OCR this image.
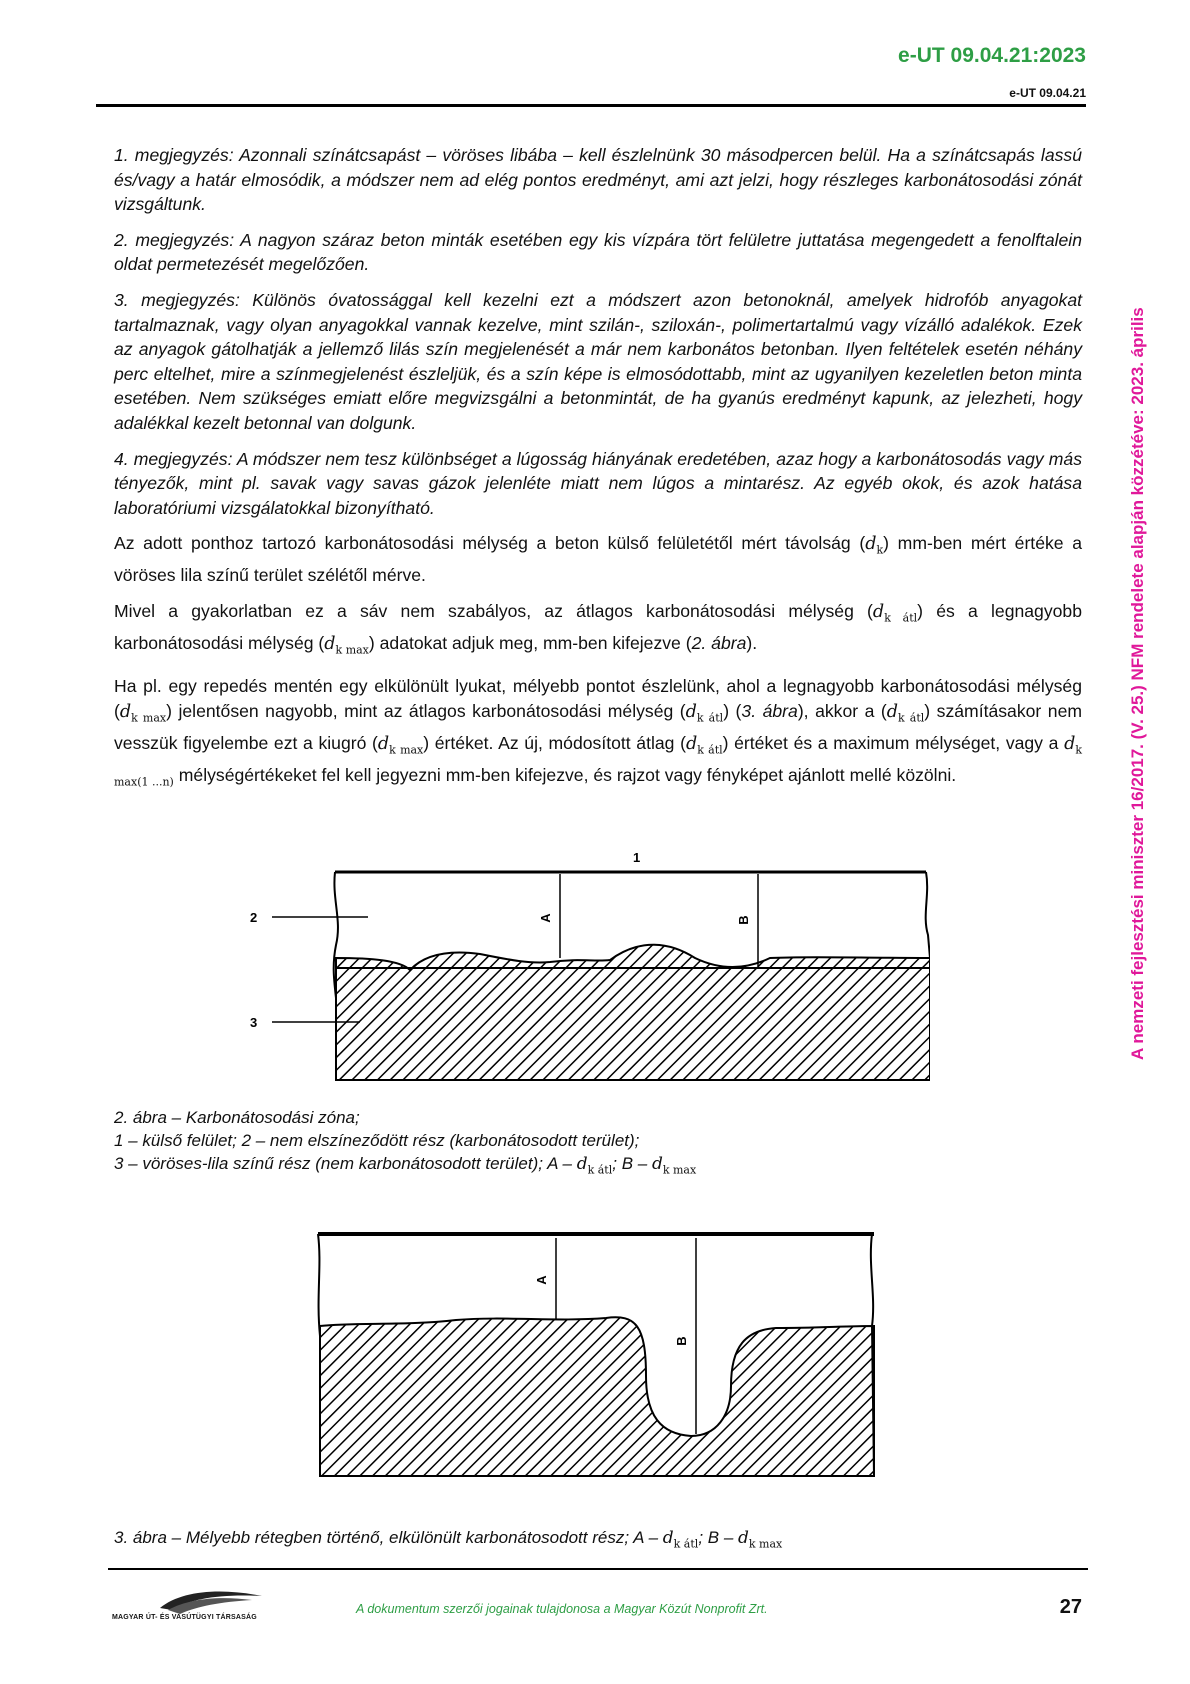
e-UT 09.04.21:2023
e-UT 09.04.21
A nemzeti fejlesztési miniszter 16/2017. (V. 25.) NFM rendelete alapján közzétéve: 2023. április

1. megjegyzés: Azonnali színátcsapást – vöröses libába – kell észlelnünk 30 másodpercen belül. Ha a színátcsapás lassú és/vagy a határ elmosódik, a módszer nem ad elég pontos eredményt, ami azt jelzi, hogy részleges karbonátosodási zónát vizsgáltunk.

2. megjegyzés: A nagyon száraz beton minták esetében egy kis vízpára tört felületre juttatása megengedett a fenolftalein oldat permetezését megelőzően.

3. megjegyzés: Különös óvatossággal kell kezelni ezt a módszert azon betonoknál, amelyek hidrofób anyagokat tartalmaznak, vagy olyan anyagokkal vannak kezelve, mint szilán-, sziloxán-, polimertartalmú vagy vízálló adalékok. Ezek az anyagok gátolhatják a jellemző lilás szín megjelenését a már nem karbonátos betonban. Ilyen feltételek esetén néhány perc eltelhet, mire a színmegjelenést észleljük, és a szín képe is elmosódottabb, mint az ugyanilyen kezeletlen beton minta esetében. Nem szükséges emiatt előre megvizsgálni a betonmintát, de ha gyanús eredményt kapunk, az jelezheti, hogy adalékkal kezelt betonnal van dolgunk.

4. megjegyzés: A módszer nem tesz különbséget a lúgosság hiányának eredetében, azaz hogy a karbonátosodás vagy más tényezők, mint pl. savak vagy savas gázok jelenléte miatt nem lúgos a mintarész. Az egyéb okok, és azok hatása laboratóriumi vizsgálatokkal bizonyítható.

Az adott ponthoz tartozó karbonátosodási mélység a beton külső felületétől mért távolság $(d_k)$ mm-ben mért értéke a vöröses lila színű terület szélétől mérve.

Mivel a gyakorlatban ez a sáv nem szabályos, az átlagos karbonátosodási mélység $(d_{k átl})$ és a legnagyobb karbonátosodási mélység $(d_{k max})$ adatokat adjuk meg, mm-ben kifejezve (2. ábra).

Ha pl. egy repedés mentén egy elkülönült lyukat, mélyebb pontot észlelünk, ahol a legnagyobb karbonátosodási mélység $(d_{k max})$ jelentősen nagyobb, mint az átlagos karbonátosodási mélység $(d_{k átl})$ (3. ábra), akkor a $(d_{k átl})$ számításakor nem vesszük figyelembe ezt a kiugró $(d_{k max})$ értéket. Az új, módosított átlag $(d_{k átl})$ értéket és a maximum mélységet, vagy a $d_{k max(1 ...n)}$ mélységértékeket fel kell jegyezni mm-ben kifejezve, és rajzot vagy fényképet ajánlott mellé közölni.

1
2
3
A	B
2. ábra – Karbonátosodási zóna;
1 – külső felület; 2 – nem elszíneződött rész (karbonátosodott terület);
3 – vöröses-lila színű rész (nem karbonátosodott terület); A – $d_{k átl}$; B – $d_{k max}$
A
B
3. ábra – Mélyebb rétegben történő, elkülönült karbonátosodott rész; A – $d_{k átl}$; B – $d_{k max}$
MAGYAR ÚT- ÉS VASÚTÜGYI TÁRSASÁG
A dokumentum szerzői jogainak tulajdonosa a Magyar Közút Nonprofit Zrt.	27
